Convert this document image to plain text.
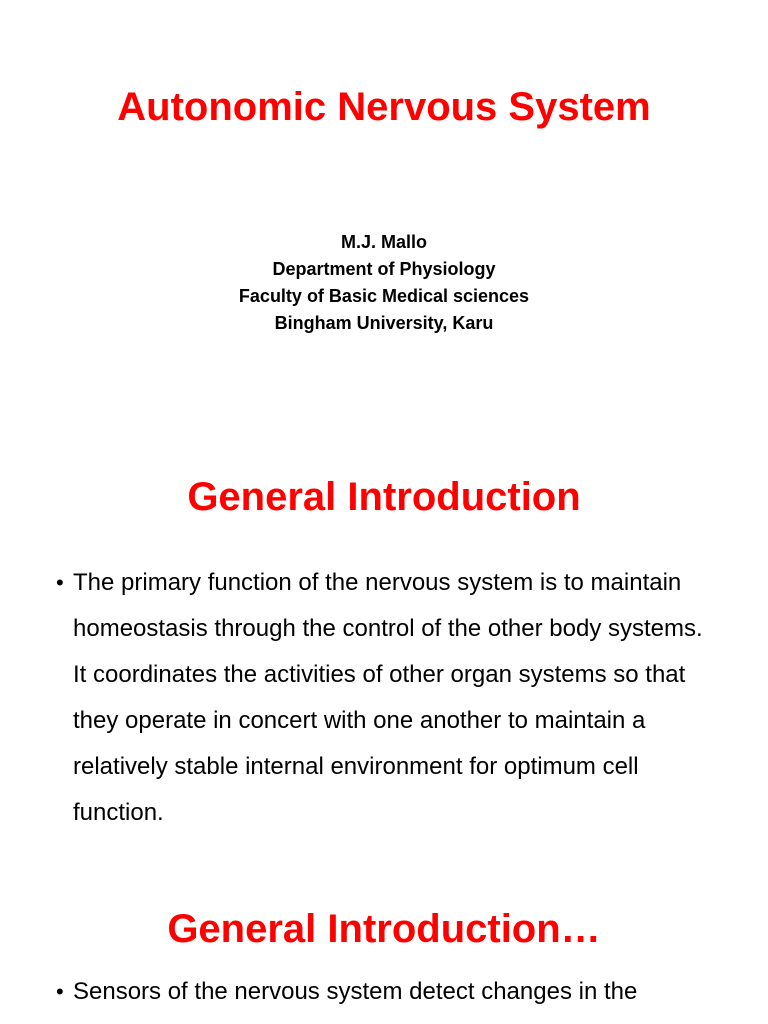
Autonomic Nervous System
M.J. Mallo
Department of Physiology
Faculty of Basic Medical sciences
Bingham University, Karu
General Introduction
• The primary function of the nervous system is to maintain homeostasis through the control of the other body systems. It coordinates the activities of other organ systems so that they operate in concert with one another to maintain a relatively stable internal environment for optimum cell function.
General Introduction…
• Sensors of the nervous system detect changes in the
